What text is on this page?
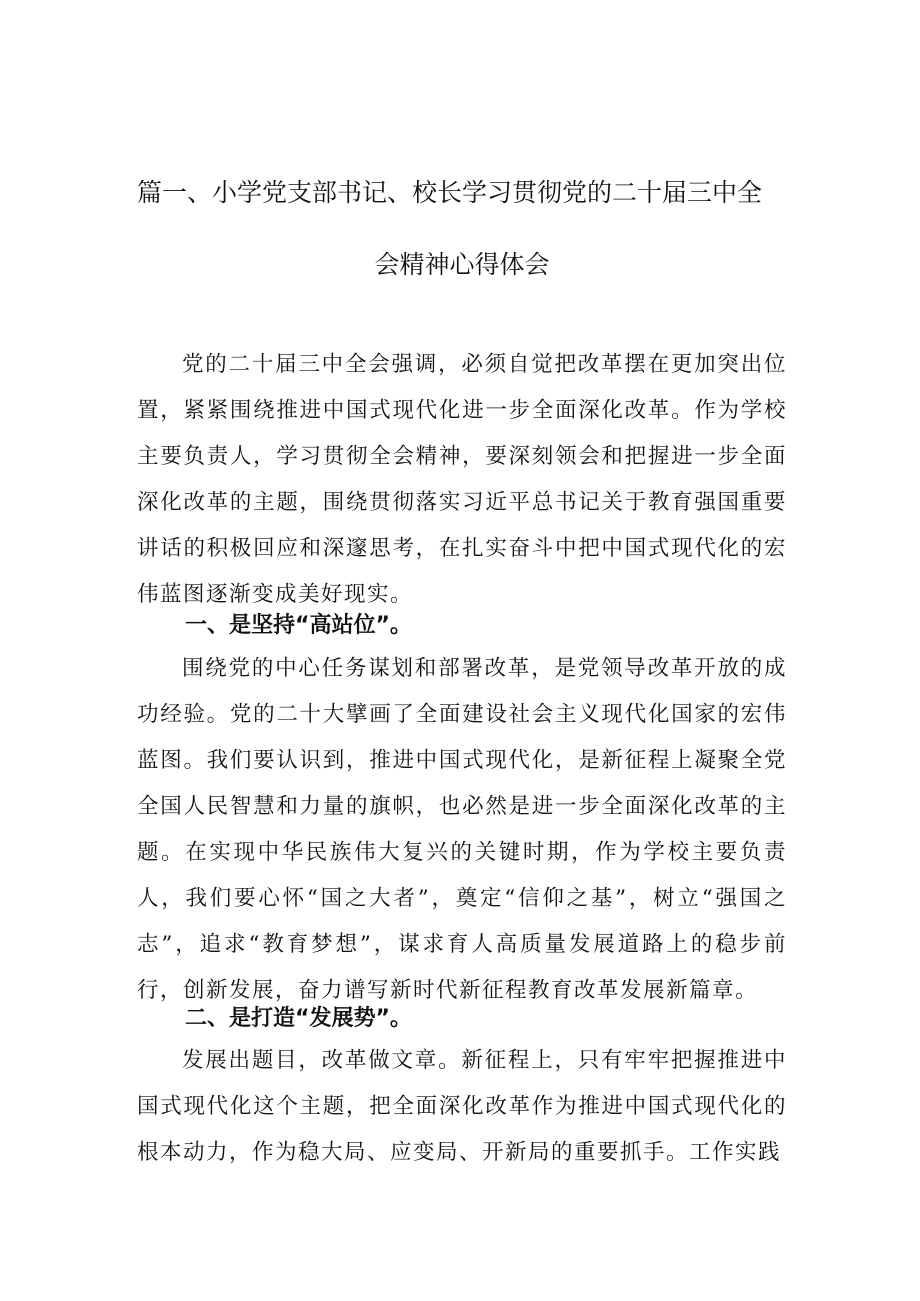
篇一、小学党支部书记、校长学习贯彻党的二十届三中全
会精神心得体会

党的二十届三中全会强调，必须自觉把改革摆在更加突出位置，紧紧围绕推进中国式现代化进一步全面深化改革。作为学校主要负责人，学习贯彻全会精神，要深刻领会和把握进一步全面深化改革的主题，围绕贯彻落实习近平总书记关于教育强国重要讲话的积极回应和深邃思考，在扎实奋斗中把中国式现代化的宏伟蓝图逐渐变成美好现实。

一、是坚持“高站位”。

围绕党的中心任务谋划和部署改革，是党领导改革开放的成功经验。党的二十大擘画了全面建设社会主义现代化国家的宏伟蓝图。我们要认识到，推进中国式现代化，是新征程上凝聚全党全国人民智慧和力量的旗帜，也必然是进一步全面深化改革的主题。在实现中华民族伟大复兴的关键时期，作为学校主要负责人，我们要心怀“国之大者”，奠定“信仰之基”，树立“强国之志”，追求“教育梦想”，谋求育人高质量发展道路上的稳步前行，创新发展，奋力谱写新时代新征程教育改革发展新篇章。

二、是打造“发展势”。

发展出题目，改革做文章。新征程上，只有牢牢把握推进中国式现代化这个主题，把全面深化改革作为推进中国式现代化的根本动力，作为稳大局、应变局、开新局的重要抓手。工作实践
